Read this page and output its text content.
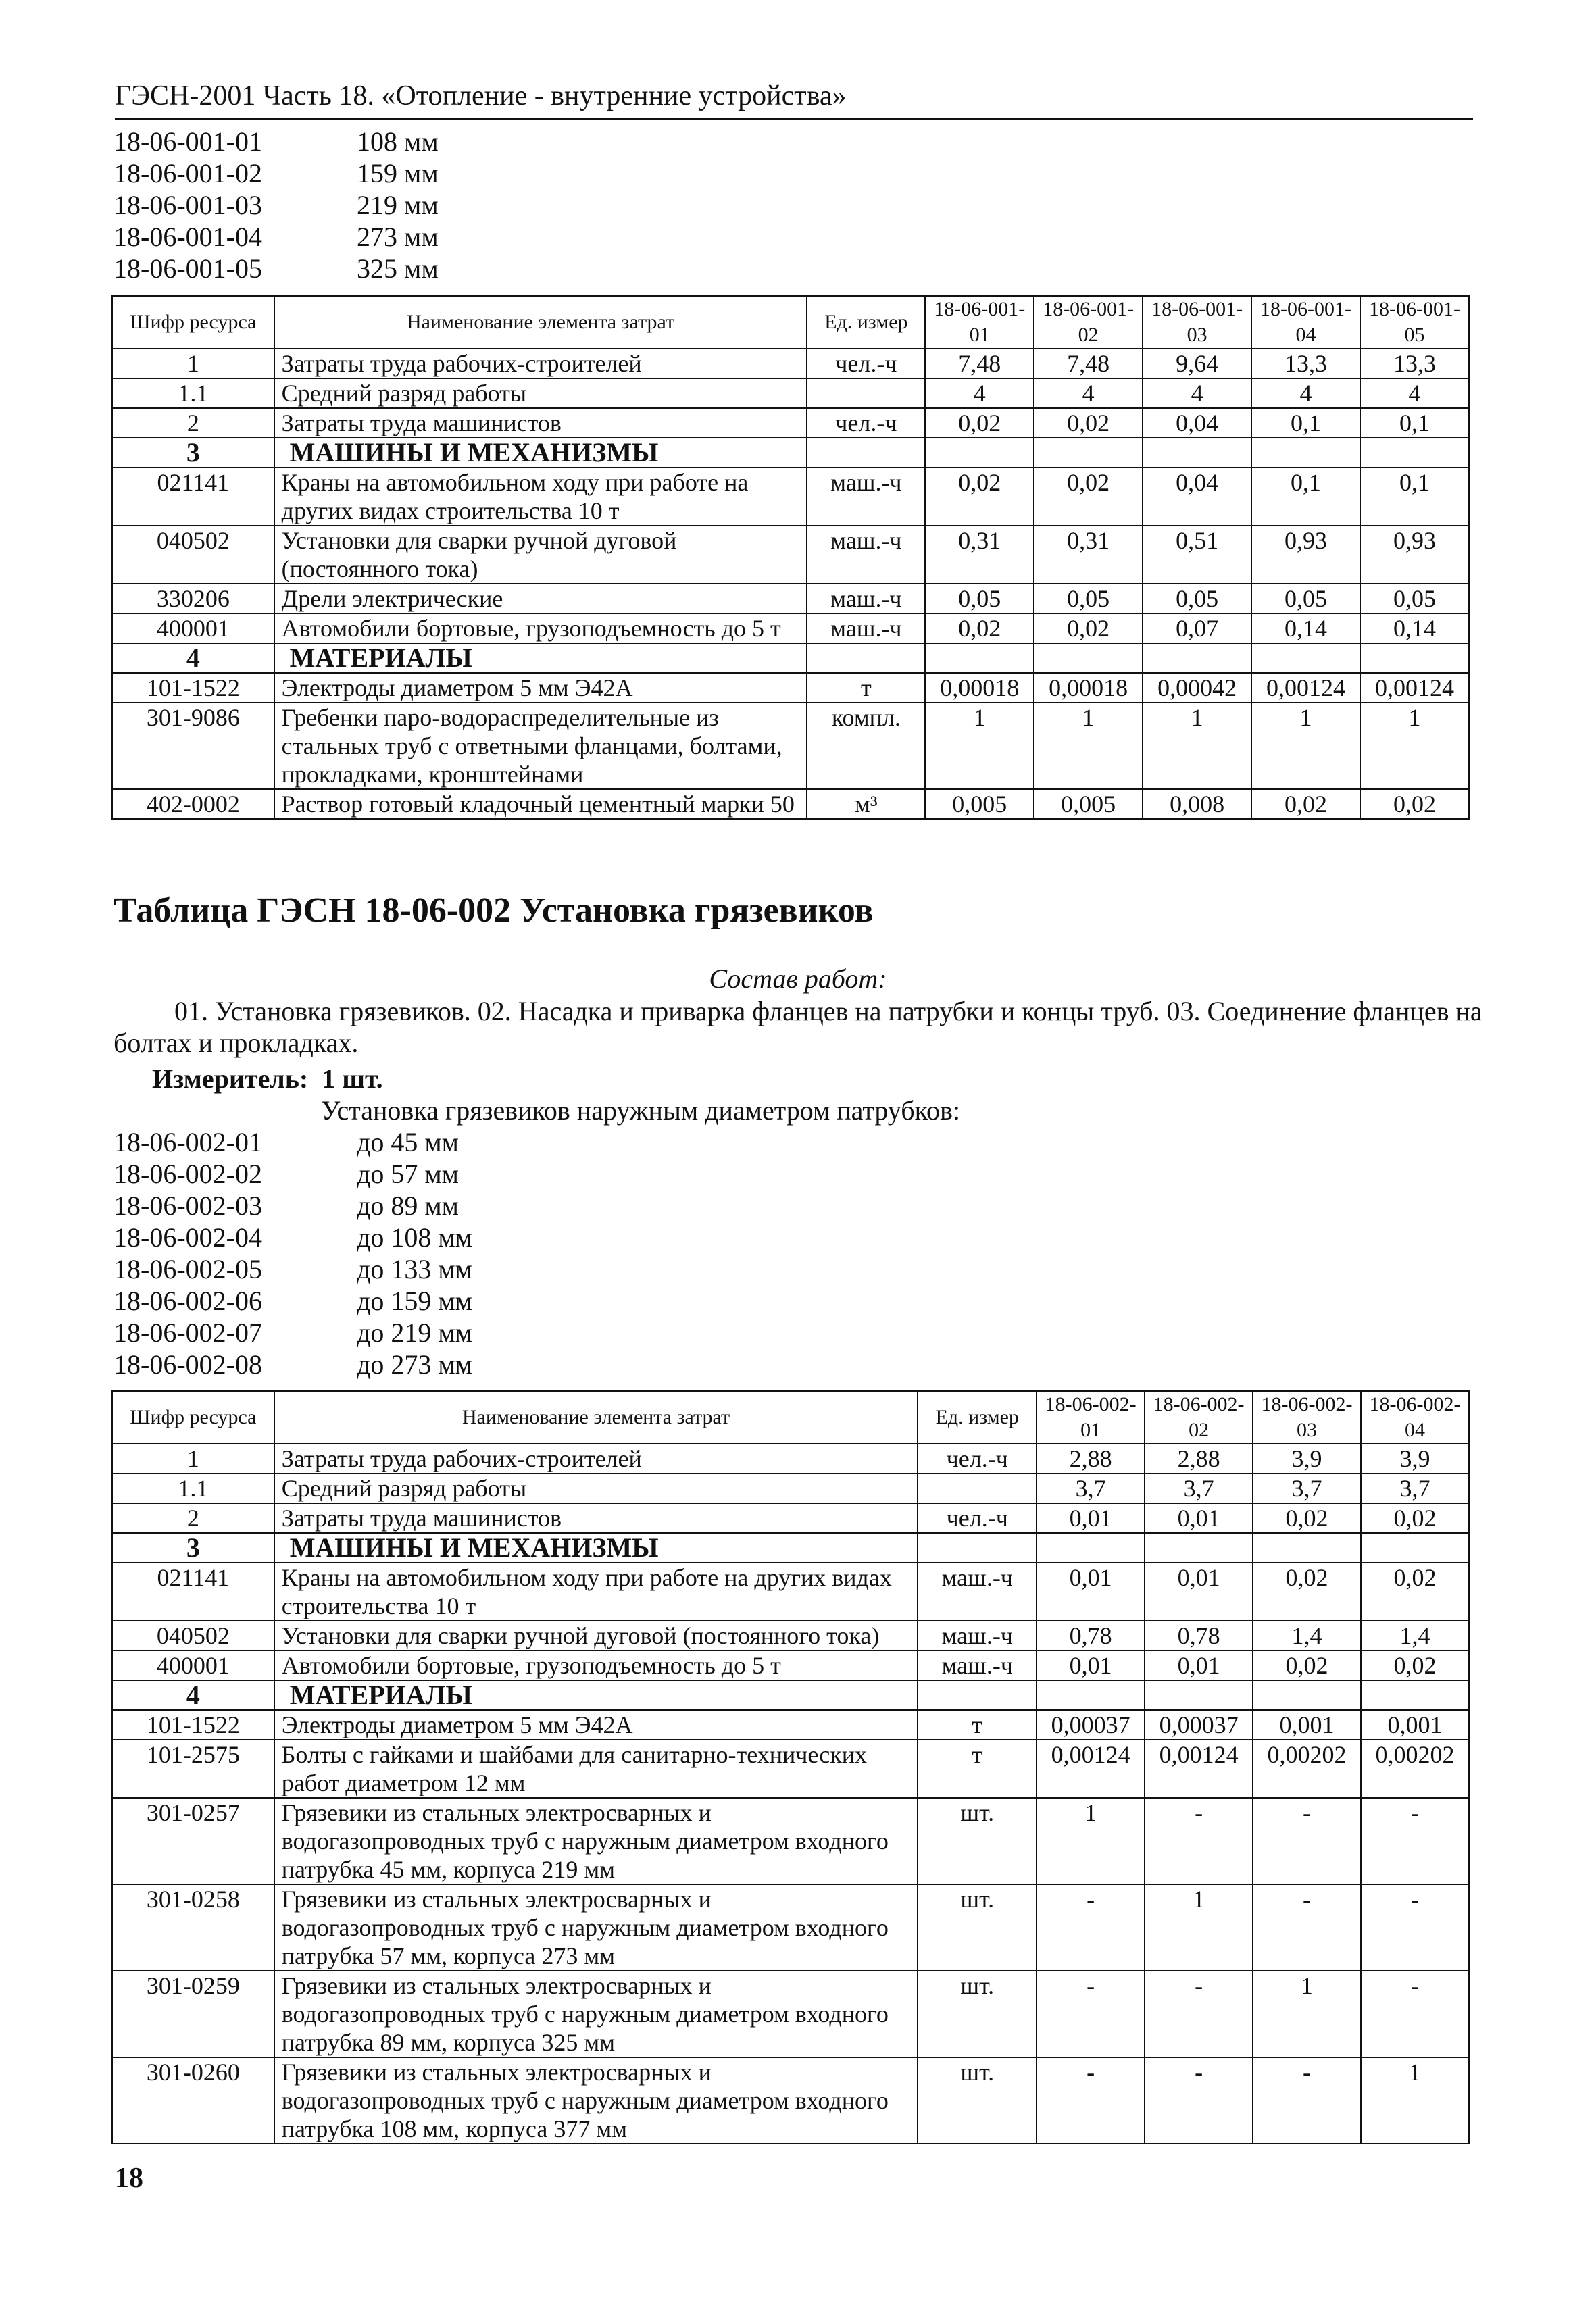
ГЭСН-2001 Часть 18. «Отопление - внутренние устройства»
18-06-001-01	108 мм
18-06-001-02	159 мм
18-06-001-03	219 мм
18-06-001-04	273 мм
18-06-001-05	325 мм
Шифр ресурса	Наименование элемента затрат	Ед. измер	18-06-001-01	18-06-001-02	18-06-001-03	18-06-001-04	18-06-001-05
1	Затраты труда рабочих-строителей	чел.-ч	7,48	7,48	9,64	13,3	13,3
1.1	Средний разряд работы		4	4	4	4	4
2	Затраты труда машинистов	чел.-ч	0,02	0,02	0,04	0,1	0,1
3	МАШИНЫ И МЕХАНИЗМЫ						
021141	Краны на автомобильном ходу при работе на других видах строительства 10 т	маш.-ч	0,02	0,02	0,04	0,1	0,1
040502	Установки для сварки ручной дуговой (постоянного тока)	маш.-ч	0,31	0,31	0,51	0,93	0,93
330206	Дрели электрические	маш.-ч	0,05	0,05	0,05	0,05	0,05
400001	Автомобили бортовые, грузоподъемность до 5 т	маш.-ч	0,02	0,02	0,07	0,14	0,14
4	МАТЕРИАЛЫ						
101-1522	Электроды диаметром 5 мм Э42А	т	0,00018	0,00018	0,00042	0,00124	0,00124
301-9086	Гребенки паро-водораспределительные из стальных труб с ответными фланцами, болтами, прокладками, кронштейнами	компл.	1	1	1	1	1
402-0002	Раствор готовый кладочный цементный марки 50	м³	0,005	0,005	0,008	0,02	0,02
Таблица ГЭСН 18-06-002 Установка грязевиков
Состав работ:
01. Установка грязевиков. 02. Насадка и приварка фланцев на патрубки и концы труб. 03. Соединение фланцев на болтах и прокладках.
Измеритель: 1 шт.
Установка грязевиков наружным диаметром патрубков:
18-06-002-01	до 45 мм
18-06-002-02	до 57 мм
18-06-002-03	до 89 мм
18-06-002-04	до 108 мм
18-06-002-05	до 133 мм
18-06-002-06	до 159 мм
18-06-002-07	до 219 мм
18-06-002-08	до 273 мм
Шифр ресурса	Наименование элемента затрат	Ед. измер	18-06-002-01	18-06-002-02	18-06-002-03	18-06-002-04
1	Затраты труда рабочих-строителей	чел.-ч	2,88	2,88	3,9	3,9
1.1	Средний разряд работы		3,7	3,7	3,7	3,7
2	Затраты труда машинистов	чел.-ч	0,01	0,01	0,02	0,02
3	МАШИНЫ И МЕХАНИЗМЫ					
021141	Краны на автомобильном ходу при работе на других видах строительства 10 т	маш.-ч	0,01	0,01	0,02	0,02
040502	Установки для сварки ручной дуговой (постоянного тока)	маш.-ч	0,78	0,78	1,4	1,4
400001	Автомобили бортовые, грузоподъемность до 5 т	маш.-ч	0,01	0,01	0,02	0,02
4	МАТЕРИАЛЫ					
101-1522	Электроды диаметром 5 мм Э42А	т	0,00037	0,00037	0,001	0,001
101-2575	Болты с гайками и шайбами для санитарно-технических работ диаметром 12 мм	т	0,00124	0,00124	0,00202	0,00202
301-0257	Грязевики из стальных электросварных и водогазопроводных труб с наружным диаметром входного патрубка 45 мм, корпуса 219 мм	шт.	1	-	-	-
301-0258	Грязевики из стальных электросварных и водогазопроводных труб с наружным диаметром входного патрубка 57 мм, корпуса 273 мм	шт.	-	1	-	-
301-0259	Грязевики из стальных электросварных и водогазопроводных труб с наружным диаметром входного патрубка 89 мм, корпуса 325 мм	шт.	-	-	1	-
301-0260	Грязевики из стальных электросварных и водогазопроводных труб с наружным диаметром входного патрубка 108 мм, корпуса 377 мм	шт.	-	-	-	1
18
